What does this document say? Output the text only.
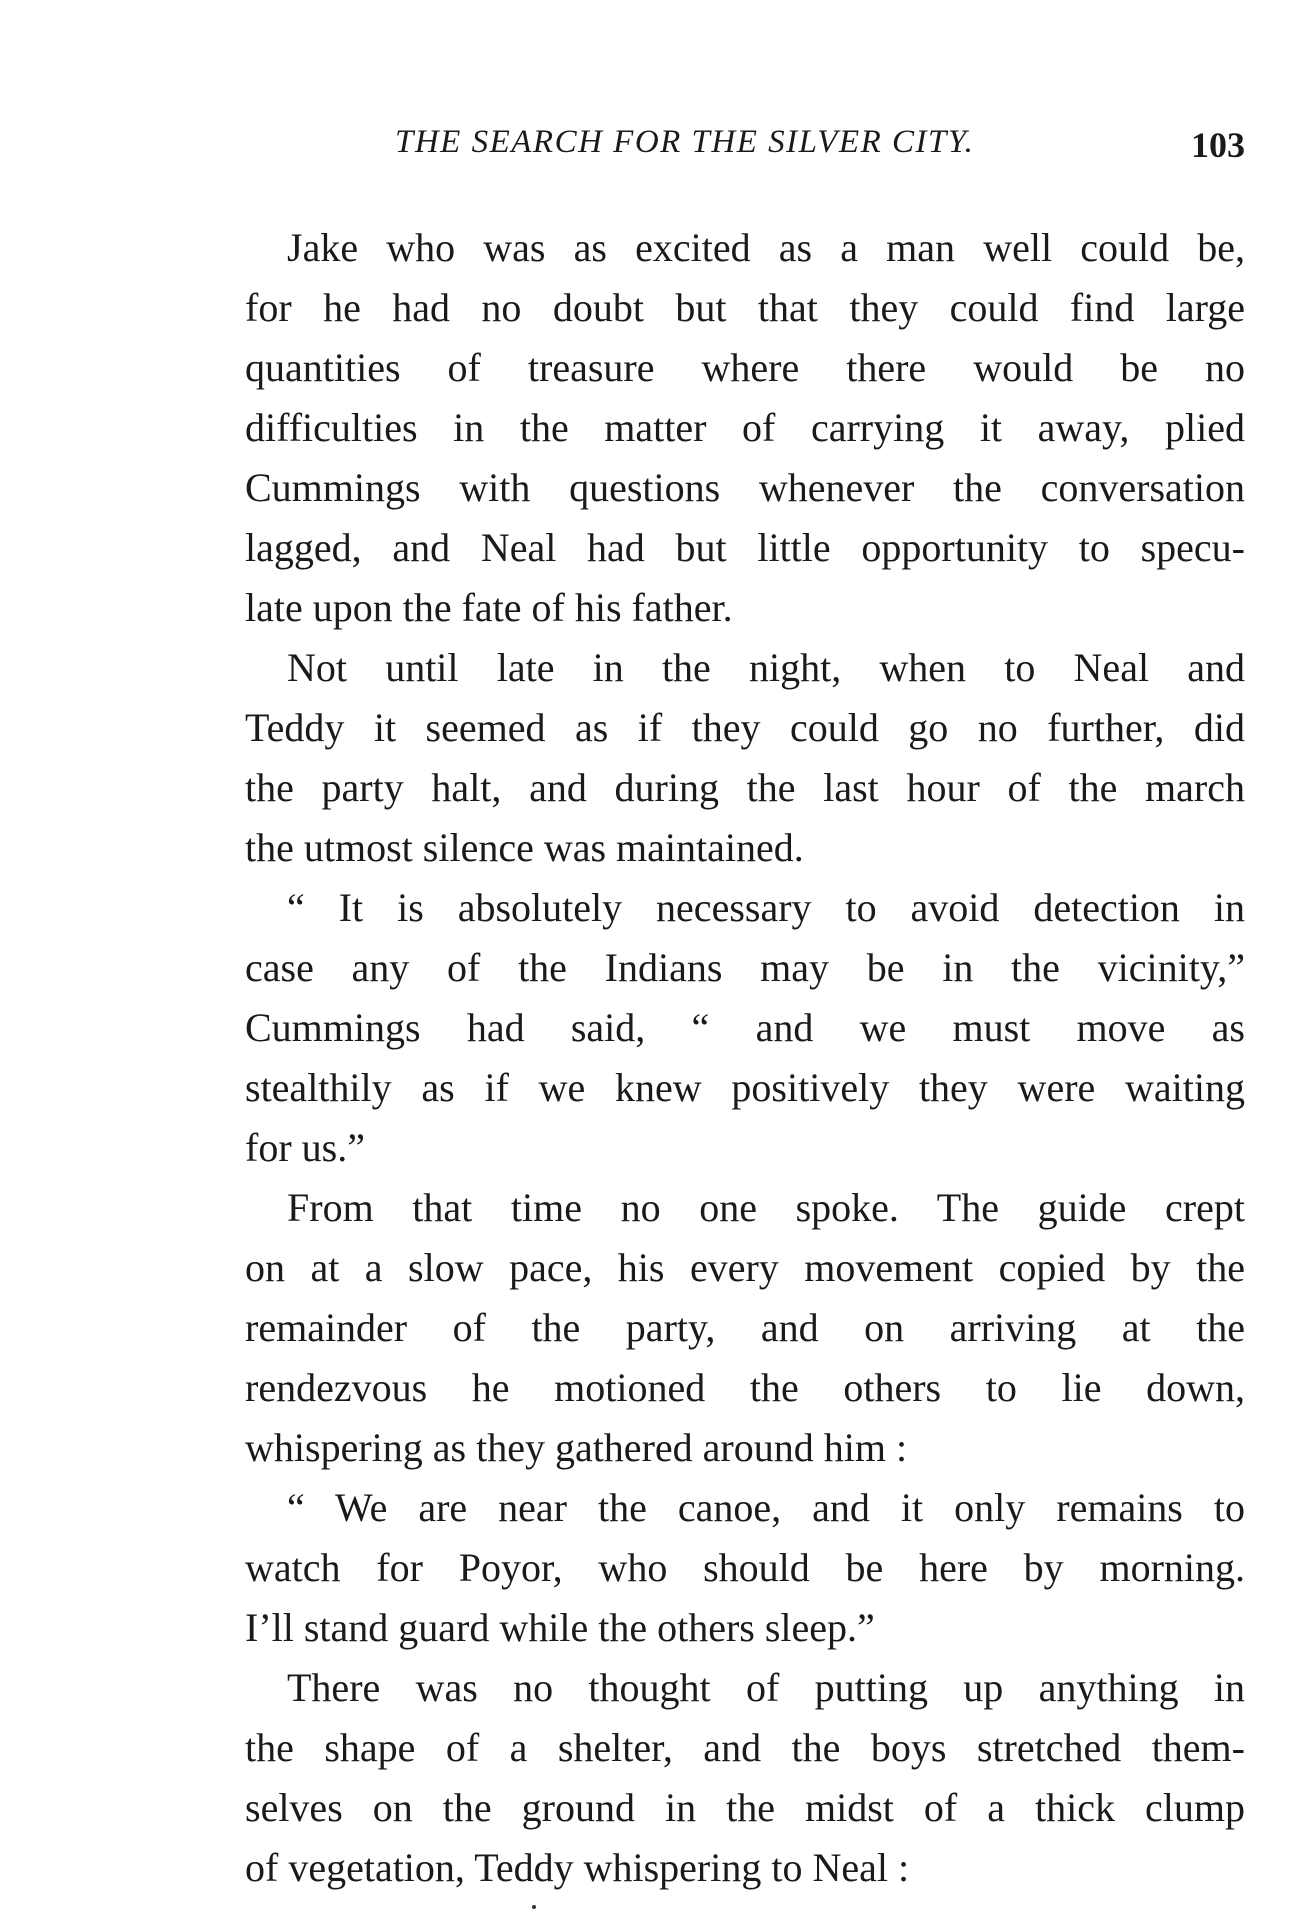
THE SEARCH FOR THE SILVER CITY.	103
Jake who was as excited as a man well could be,
for he had no doubt but that they could find large
quantities of treasure where there would be no
difficulties in the matter of carrying it away, plied
Cummings with questions whenever the conversation
lagged, and Neal had but little opportunity to specu-
late upon the fate of his father.
Not until late in the night, when to Neal and
Teddy it seemed as if they could go no further, did
the party halt, and during the last hour of the march
the utmost silence was maintained.
“ It is absolutely necessary to avoid detection in
case any of the Indians may be in the vicinity,”
Cummings had said, “ and we must move as
stealthily as if we knew positively they were waiting
for us.”
From that time no one spoke. The guide crept
on at a slow pace, his every movement copied by the
remainder of the party, and on arriving at the
rendezvous he motioned the others to lie down,
whispering as they gathered around him :
“ We are near the canoe, and it only remains to
watch for Poyor, who should be here by morning.
I’ll stand guard while the others sleep.”
There was no thought of putting up anything in
the shape of a shelter, and the boys stretched them-
selves on the ground in the midst of a thick clump
of vegetation, Teddy whispering to Neal :
